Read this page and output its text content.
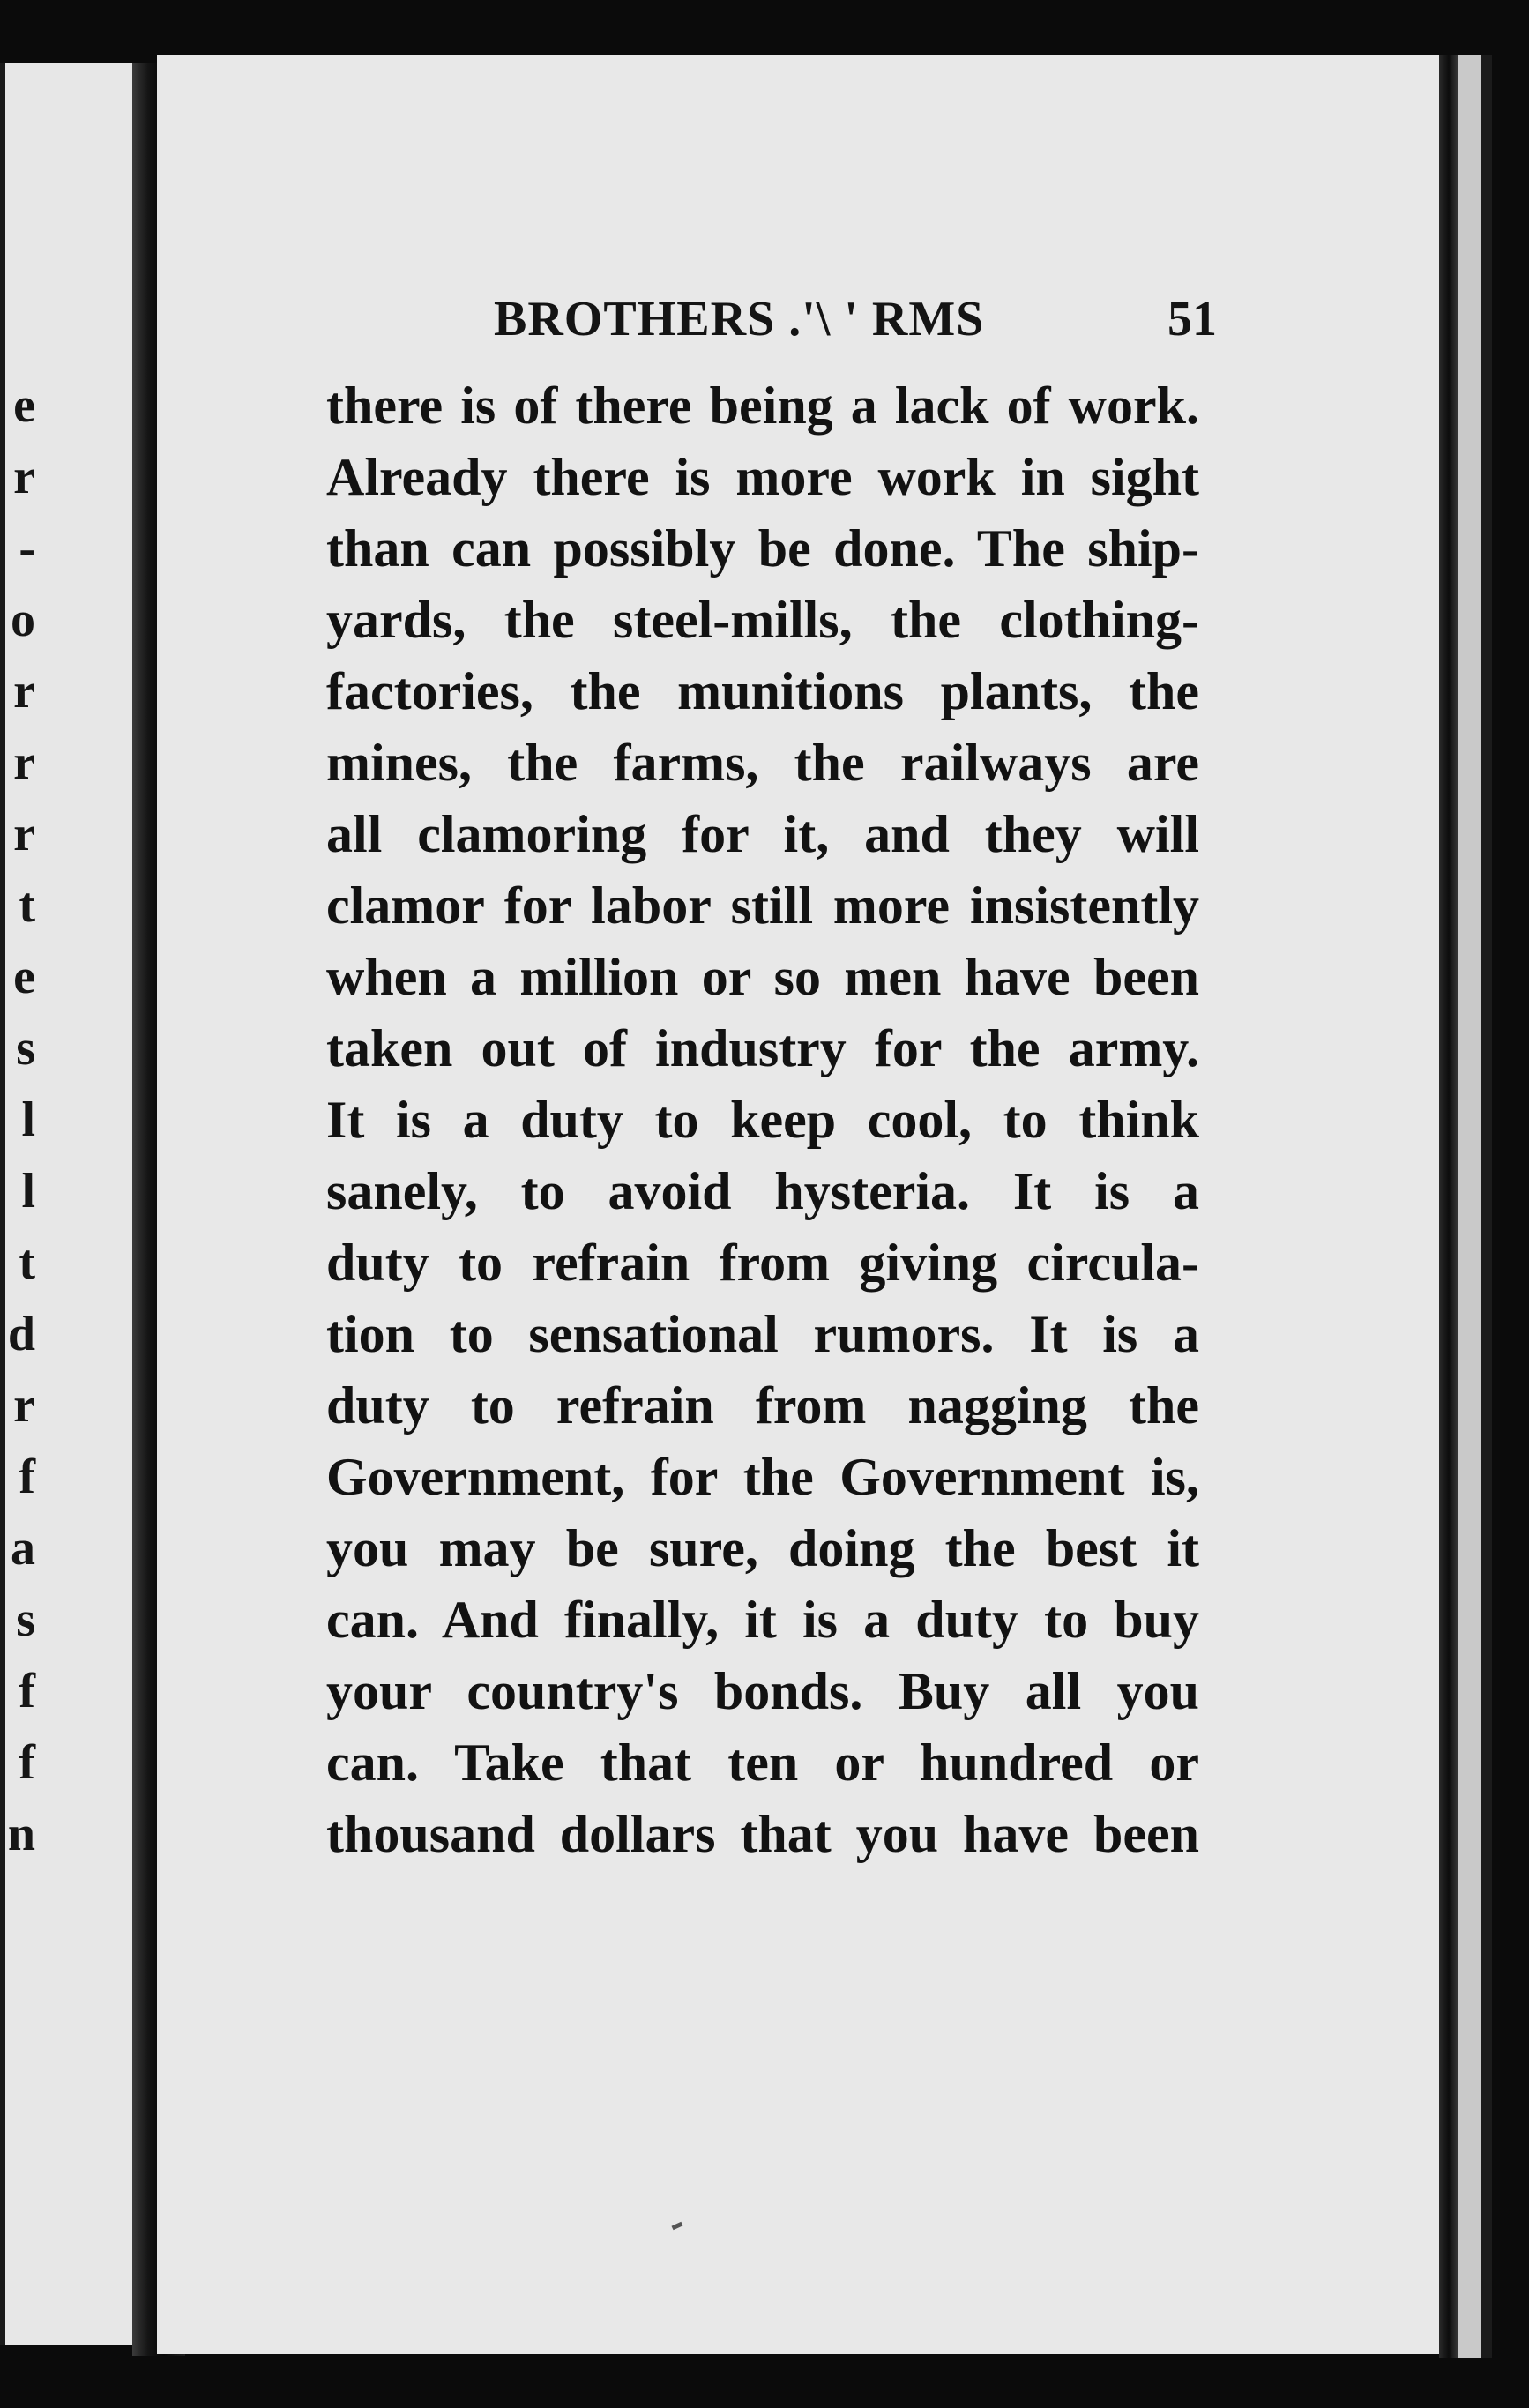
e
r
-
o
r
r
r
t
e
s
l
l
t
d
r
f
a
s
f
f
n
BROTHERS .'\ ' RMS	51
there is of there being a lack of work.
Already there is more work in sight
than can possibly be done. The ship-
yards, the steel-mills, the clothing-
factories, the munitions plants, the
mines, the farms, the railways are
all clamoring for it, and they will
clamor for labor still more insistently
when a million or so men have been
taken out of industry for the army.
It is a duty to keep cool, to think
sanely, to avoid hysteria. It is a
duty to refrain from giving circula-
tion to sensational rumors. It is a
duty to refrain from nagging the
Government, for the Government is,
you may be sure, doing the best it
can. And finally, it is a duty to buy
your country's bonds. Buy all you
can. Take that ten or hundred or
thousand dollars that you have been
